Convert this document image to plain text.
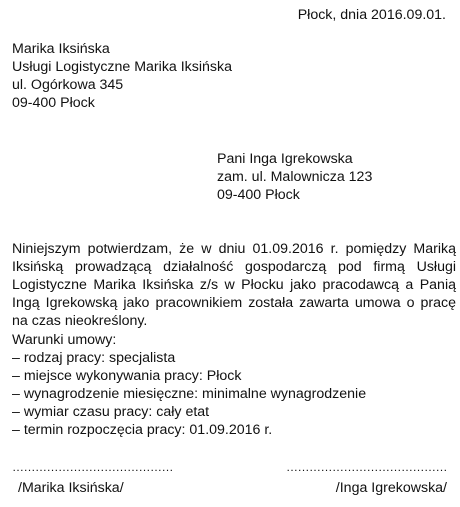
Płock, dnia 2016.09.01.
Marika Iksińska
Usługi Logistyczne Marika Iksińska
ul. Ogórkowa 345
09-400 Płock
Pani Inga Igrekowska
zam. ul. Malownicza 123
09-400 Płock
Niniejszym potwierdzam, że w dniu 01.09.2016 r. pomiędzy Mariką Iksińską prowadzącą działalność gospodarczą pod firmą Usługi Logistyczne Marika Iksińska z/s w Płocku jako pracodawcą a Panią Ingą Igrekowską jako pracownikiem została zawarta umowa o pracę na czas nieokreślony.
Warunki umowy:
– rodzaj pracy: specjalista
– miejsce wykonywania pracy: Płock
– wynagrodzenie miesięczne: minimalne wynagrodzenie
– wymiar czasu pracy: cały etat
– termin rozpoczęcia pracy: 01.09.2016 r.
……………………………………
/Marika Iksińska/
……………………………………
/Inga Igrekowska/
